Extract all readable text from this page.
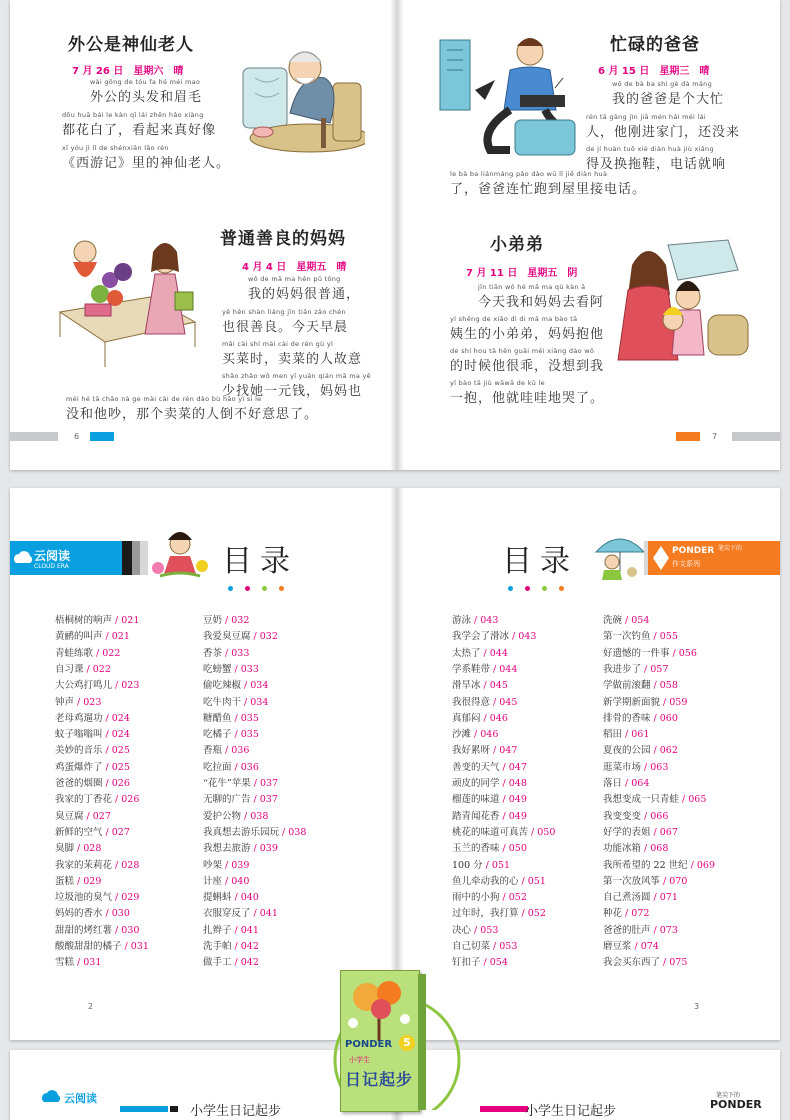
外公是神仙老人
7 月 26 日　星期六　晴
wài gōng de tóu fa hé méi mao
外公的头发和眉毛
dōu huā bái le kàn qǐ lái zhēn hǎo xiàng
都花白了，看起来真好像
xī yóu jì lǐ de shénxiān lǎo rén
《西游记》里的神仙老人。
普通善良的妈妈
4 月 4 日　星期五　晴
wǒ de mā ma hěn pǔ tōng
我的妈妈很普通，
yě hěn shàn liáng jīn tiān zǎo chén
也很善良。今天早晨
mǎi cài shí mài cài de rén gù yì
买菜时，卖菜的人故意
shǎo zhǎo wǒ men yī yuán qián mā ma yě
少找她一元钱，妈妈也
méi hé tā chǎo nà ge mài cài de rén dào bù hǎo yì si le
没和他吵，那个卖菜的人倒不好意思了。
6
忙碌的爸爸
6 月 15 日　星期三　晴
wǒ de bà ba shì gè dà máng
我的爸爸是个大忙
rén tā gāng jìn jiā mén hái méi lái
人，他刚进家门，还没来
de jí huàn tuō xié diàn huà jiù xiǎng
得及换拖鞋，电话就响
le bà ba liánmáng pǎo dào wū lǐ jiē diàn huà
了，爸爸连忙跑到屋里接电话。
小弟弟
7 月 11 日　星期五　阴
jīn tiān wǒ hé mā ma qù kàn ā
今天我和妈妈去看阿
yí shēng de xiǎo dì di mā ma bào tā
姨生的小弟弟，妈妈抱他
de shí hou tā hěn guāi méi xiǎng dào wǒ
的时候他很乖，没想到我
yī bào tā jiù wāwā de kū le
一抱，他就哇哇地哭了。
7
云阅读
CLOUD ERA	目录
梧桐树的响声 / 021
黄鹂的叫声 / 021
青蛙练歌 / 022
自习课 / 022
大公鸡打鸣儿 / 023
钟声 / 023
老母鸡遛功 / 024
蚊子嗡嗡叫 / 024
美妙的音乐 / 025
鸡蛋爆炸了 / 025
爸爸的烟圈 / 026
我家的丁香花 / 026
臭豆腐 / 027
新鲜的空气 / 027
臭脚 / 028
我家的茉莉花 / 028
蛋糕 / 029
垃圾池的臭气 / 029
妈妈的香水 / 030
甜甜的烤红薯 / 030
酸酸甜甜的橘子 / 031
雪糕 / 031
豆奶 / 032
我爱臭豆腐 / 032
香茶 / 033
吃螃蟹 / 033
偷吃辣椒 / 034
吃牛肉干 / 034
糖醋鱼 / 035
吃橘子 / 035
香瓶 / 036
吃拉面 / 036
“花牛”苹果 / 037
无聊的广告 / 037
爱护公物 / 038
我真想去游乐园玩 / 038
我想去旅游 / 039
吵架 / 039
计座 / 040
提蝌蚪 / 040
衣服穿反了 / 041
扎辫子 / 041
洗手帕 / 042
做手工 / 042
2
目录	PONDER
作文系列
笔尖下的
游泳 / 043
我学会了滑冰 / 043
太热了 / 044
学系鞋带 / 044
滑旱冰 / 045
我很得意 / 045
真郁闷 / 046
沙滩 / 046
我好累呀 / 047
善变的天气 / 047
顽皮的同学 / 048
榴莲的味道 / 049
踏青闻花香 / 049
桃花的味道可真苦 / 050
玉兰的香味 / 050
100 分 / 051
鱼儿牵动我的心 / 051
雨中的小狗 / 052
过年时，我打算 / 052
决心 / 053
自己切菜 / 053
钉扣子 / 054
洗碗 / 054
第一次钓鱼 / 055
好遗憾的一件事 / 056
我进步了 / 057
学做前滚翻 / 058
新学期新面貌 / 059
排骨的香味 / 060
稻田 / 061
夏夜的公园 / 062
逛菜市场 / 063
落日 / 064
我想变成一只青蛙 / 065
我变变变 / 066
好学的表姐 / 067
功能冰箱 / 068
我所希望的 22 世纪 / 069
第一次放风筝 / 070
自己煮汤圆 / 071
种花 / 072
爸爸的肚声 / 073
磨豆浆 / 074
我会买东西了 / 075
3
云阅读
小学生日记起步	小学生日记起步
笔尖下的
PONDER
PONDER
小学生
日记起步
5
